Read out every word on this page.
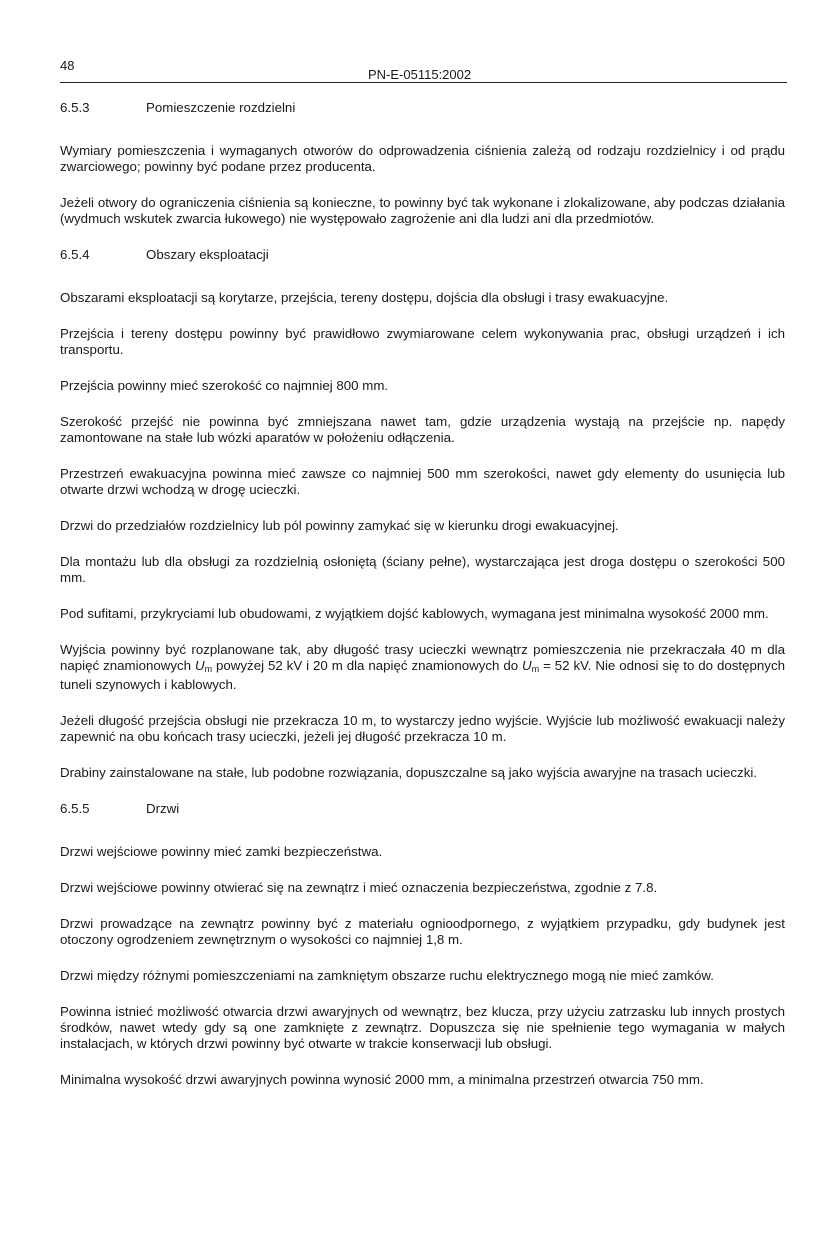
48
PN-E-05115:2002
6.5.3	Pomieszczenie rozdzielni

Wymiary pomieszczenia i wymaganych otworów do odprowadzenia ciśnienia zależą od rodzaju rozdzielnicy i od prądu zwarciowego; powinny być podane przez producenta.

Jeżeli otwory do ograniczenia ciśnienia są konieczne, to powinny być tak wykonane i zlokalizowane, aby podczas działania (wydmuch wskutek zwarcia łukowego) nie występowało zagrożenie ani dla ludzi ani dla przedmiotów.

6.5.4	Obszary eksploatacji

Obszarami eksploatacji są korytarze, przejścia, tereny dostępu, dojścia dla obsługi i trasy ewakuacyjne.

Przejścia i tereny dostępu powinny być prawidłowo zwymiarowane celem wykonywania prac, obsługi urządzeń i ich transportu.

Przejścia powinny mieć szerokość co najmniej 800 mm.

Szerokość przejść nie powinna być zmniejszana nawet tam, gdzie urządzenia wystają na przejście np. napędy zamontowane na stałe lub wózki aparatów w położeniu odłączenia.

Przestrzeń ewakuacyjna powinna mieć zawsze co najmniej 500 mm szerokości, nawet gdy elementy do usunięcia lub otwarte drzwi wchodzą w drogę ucieczki.

Drzwi do przedziałów rozdzielnicy lub pól powinny zamykać się w kierunku drogi ewakuacyjnej.

Dla montażu lub dla obsługi za rozdzielnią osłoniętą (ściany pełne), wystarczająca jest droga dostępu o szerokości 500 mm.

Pod sufitami, przykryciami lub obudowami, z wyjątkiem dojść kablowych, wymagana jest minimalna wysokość 2000 mm.

Wyjścia powinny być rozplanowane tak, aby długość trasy ucieczki wewnątrz pomieszczenia nie przekraczała 40 m dla napięć znamionowych $U_m$ powyżej 52 kV i 20 m dla napięć znamionowych do $U_m = 52$ kV. Nie odnosi się to do dostępnych tuneli szynowych i kablowych.

Jeżeli długość przejścia obsługi nie przekracza 10 m, to wystarczy jedno wyjście. Wyjście lub możliwość ewakuacji należy zapewnić na obu końcach trasy ucieczki, jeżeli jej długość przekracza 10 m.

Drabiny zainstalowane na stałe, lub podobne rozwiązania, dopuszczalne są jako wyjścia awaryjne na trasach ucieczki.

6.5.5	Drzwi

Drzwi wejściowe powinny mieć zamki bezpieczeństwa.

Drzwi wejściowe powinny otwierać się na zewnątrz i mieć oznaczenia bezpieczeństwa, zgodnie z 7.8.

Drzwi prowadzące na zewnątrz powinny być z materiału ognioodpornego, z wyjątkiem przypadku, gdy budynek jest otoczony ogrodzeniem zewnętrznym o wysokości co najmniej 1,8 m.

Drzwi między różnymi pomieszczeniami na zamkniętym obszarze ruchu elektrycznego mogą nie mieć zamków.

Powinna istnieć możliwość otwarcia drzwi awaryjnych od wewnątrz, bez klucza, przy użyciu zatrzasku lub innych prostych środków, nawet wtedy gdy są one zamknięte z zewnątrz. Dopuszcza się nie spełnienie tego wymagania w małych instalacjach, w których drzwi powinny być otwarte w trakcie konserwacji lub obsługi.

Minimalna wysokość drzwi awaryjnych powinna wynosić 2000 mm, a minimalna przestrzeń otwarcia 750 mm.
